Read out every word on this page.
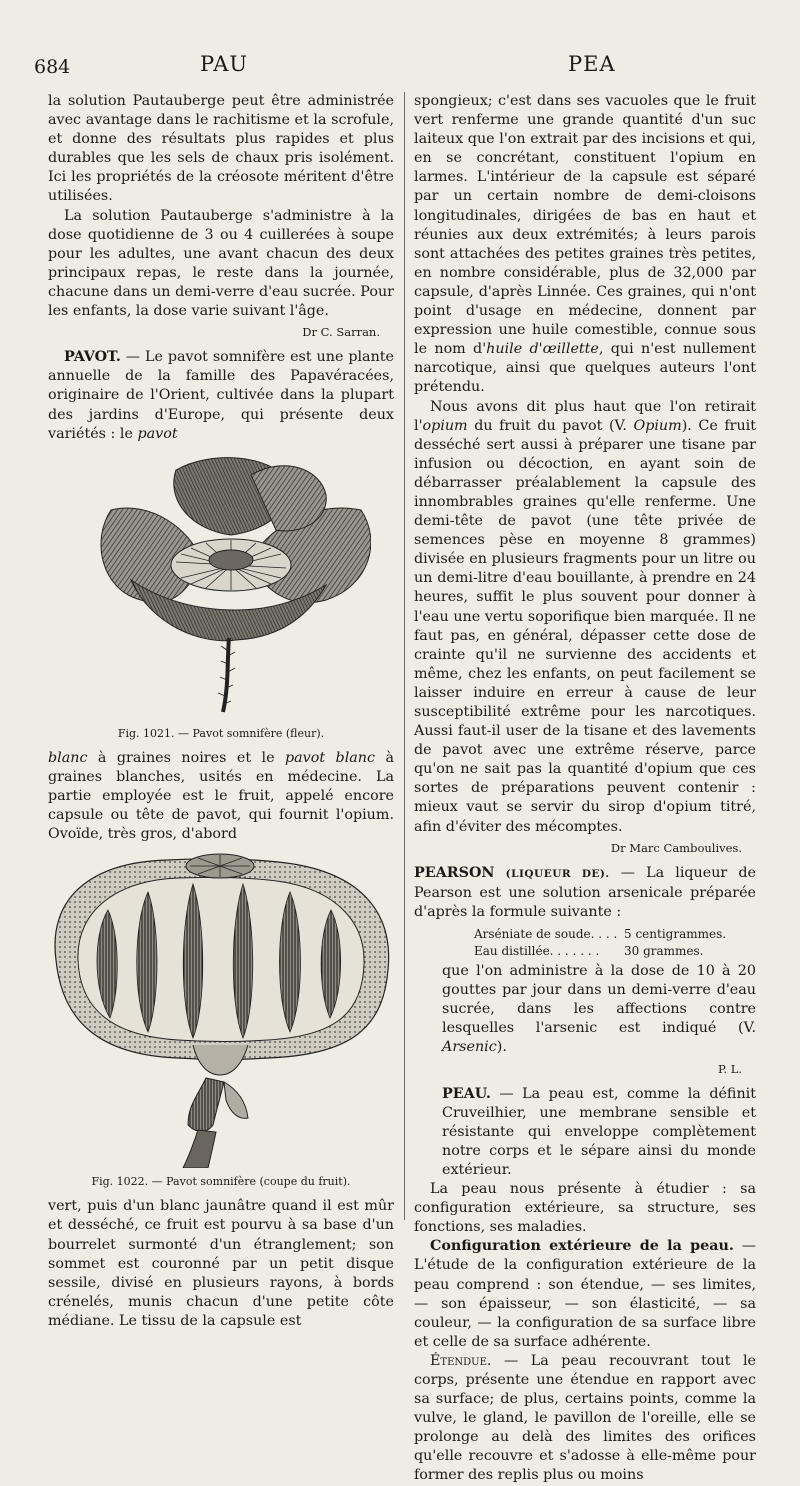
684	PAU	PEA

la solution Pautauberge peut être administrée avec avantage dans le rachitisme et la scrofule, et donne des résultats plus rapides et plus durables que les sels de chaux pris isolément. Ici les propriétés de la créosote méritent d'être utilisées.

La solution Pautauberge s'administre à la dose quotidienne de 3 ou 4 cuillerées à soupe pour les adultes, une avant chacun des deux principaux repas, le reste dans la journée, chacune dans un demi-verre d'eau sucrée. Pour les enfants, la dose varie suivant l'âge.

Dr C. Sarran.

PAVOT. — Le pavot somnifère est une plante annuelle de la famille des Papavéracées, originaire de l'Orient, cultivée dans la plupart des jardins d'Europe, qui présente deux variétés : le pavot

Fig. 1021. — Pavot somnifère (fleur).

blanc à graines noires et le pavot blanc à graines blanches, usités en médecine. La partie employée est le fruit, appelé encore capsule ou tête de pavot, qui fournit l'opium. Ovoïde, très gros, d'abord

Fig. 1022. — Pavot somnifère (coupe du fruit).

vert, puis d'un blanc jaunâtre quand il est mûr et desséché, ce fruit est pourvu à sa base d'un bourrelet surmonté d'un étranglement; son sommet est couronné par un petit disque sessile, divisé en plusieurs rayons, à bords crénelés, munis chacun d'une petite côte médiane. Le tissu de la capsule est

spongieux; c'est dans ses vacuoles que le fruit vert renferme une grande quantité d'un suc laiteux que l'on extrait par des incisions et qui, en se concrétant, constituent l'opium en larmes. L'intérieur de la capsule est séparé par un certain nombre de demi-cloisons longitudinales, dirigées de bas en haut et réunies aux deux extrémités; à leurs parois sont attachées des petites graines très petites, en nombre considérable, plus de 32,000 par capsule, d'après Linnée. Ces graines, qui n'ont point d'usage en médecine, donnent par expression une huile comestible, connue sous le nom d'huile d'œillette, qui n'est nullement narcotique, ainsi que quelques auteurs l'ont prétendu.

Nous avons dit plus haut que l'on retirait l'opium du fruit du pavot (V. Opium). Ce fruit desséché sert aussi à préparer une tisane par infusion ou décoction, en ayant soin de débarrasser préalablement la capsule des innombrables graines qu'elle renferme. Une demi-tête de pavot (une tête privée de semences pèse en moyenne 8 grammes) divisée en plusieurs fragments pour un litre ou un demi-litre d'eau bouillante, à prendre en 24 heures, suffit le plus souvent pour donner à l'eau une vertu soporifique bien marquée. Il ne faut pas, en général, dépasser cette dose de crainte qu'il ne survienne des accidents et même, chez les enfants, on peut facilement se laisser induire en erreur à cause de leur susceptibilité extrême pour les narcotiques. Aussi faut-il user de la tisane et des lavements de pavot avec une extrême réserve, parce qu'on ne sait pas la quantité d'opium que ces sortes de préparations peuvent contenir : mieux vaut se servir du sirop d'opium titré, afin d'éviter des mécomptes.

Dr Marc Camboulives.

PEARSON (LIQUEUR DE). — La liqueur de Pearson est une solution arsenicale préparée d'après la formule suivante :

Arséniate de soude. . . . 5 centigrammes.
Eau distillée. . . . . . .	30 grammes.

que l'on administre à la dose de 10 à 20 gouttes par jour dans un demi-verre d'eau sucrée, dans les affections contre lesquelles l'arsenic est indiqué (V. Arsenic).

P. L.

PEAU. — La peau est, comme la définit Cruveilhier, une membrane sensible et résistante qui enveloppe complètement notre corps et le sépare ainsi du monde extérieur.

La peau nous présente à étudier : sa configuration extérieure, sa structure, ses fonctions, ses maladies.

Configuration extérieure de la peau. — L'étude de la configuration extérieure de la peau comprend : son étendue, — ses limites, — son épaisseur, — son élasticité, — sa couleur, — la configuration de sa surface libre et celle de sa surface adhérente.

Étendue. — La peau recouvrant tout le corps, présente une étendue en rapport avec sa surface; de plus, certains points, comme la vulve, le gland, le pavillon de l'oreille, elle se prolonge au delà des limites des orifices qu'elle recouvre et s'adosse à elle-même pour former des replis plus ou moins
